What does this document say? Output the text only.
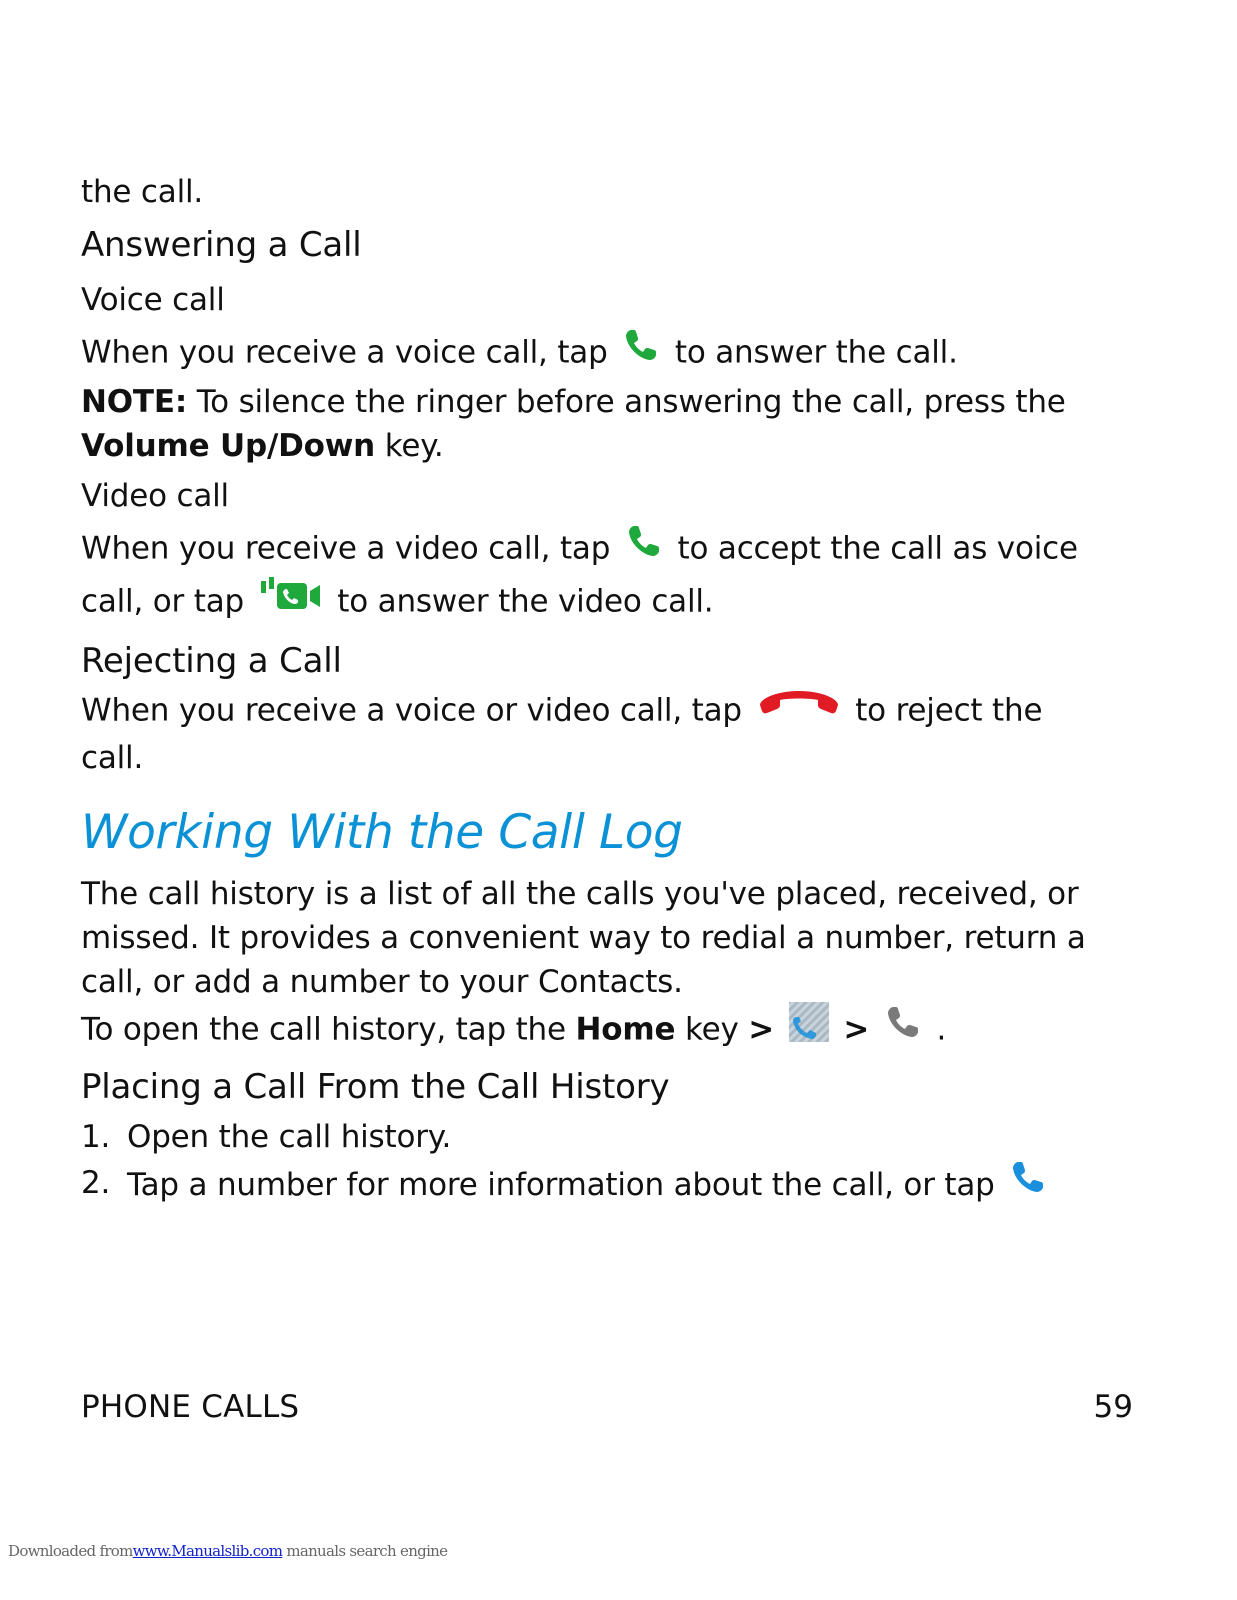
the call.

Answering a Call
Voice call

When you receive a voice call, tap to answer the call.

NOTE: To silence the ringer before answering the call, press the
Volume Up/Down key.

Video call

When you receive a video call, tap to accept the call as voice
call, or tap	to answer the video call.

Rejecting a Call

When you receive a voice or video call, tap	to reject the
call.

Working With the Call Log

The call history is a list of all the calls you've placed, received, or missed. It provides a convenient way to redial a number, return a call, or add a number to your Contacts.

To open the call history, tap the Home key > > .

Placing a Call From the Call History
1. Open the call history.
2. Tap a number for more information about the call, or tap
PHONE CALLS	59
Downloaded fromwww.Manualslib.com manuals search engine
